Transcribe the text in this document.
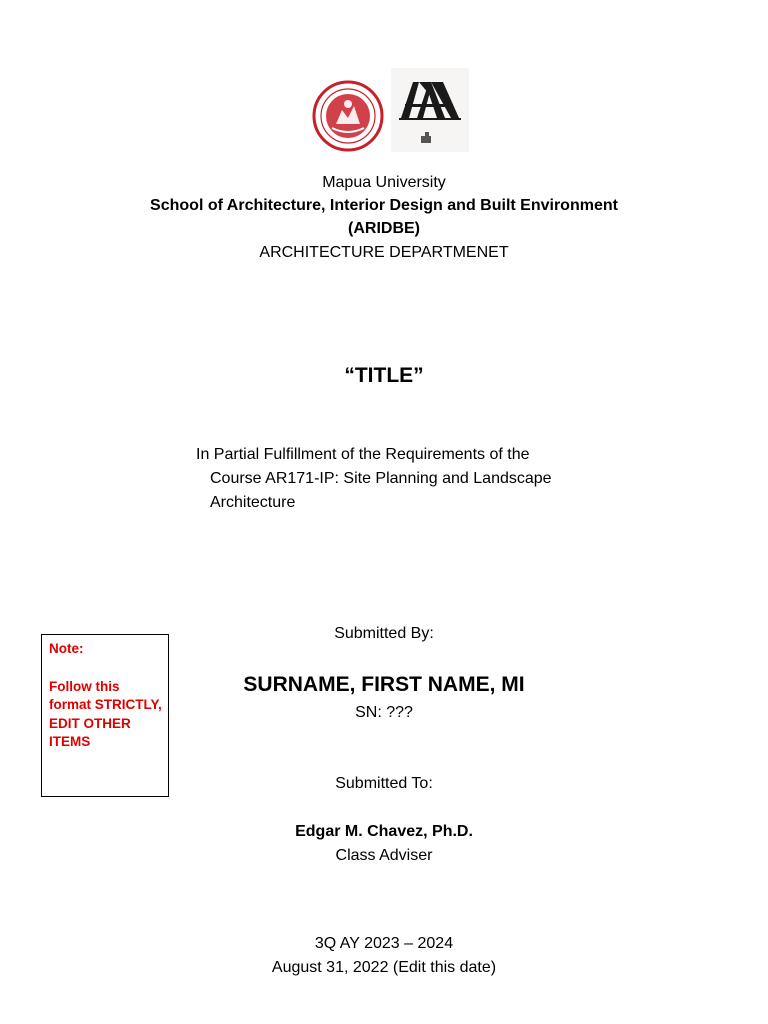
Mapua University
School of Architecture, Interior Design and Built Environment
(ARIDBE)
ARCHITECTURE DEPARTMENET
“TITLE”
In Partial Fulfillment of the Requirements of the
Course AR171-IP: Site Planning and Landscape
Architecture
Submitted By:
SURNAME, FIRST NAME, MI
SN: ???
Submitted To:
Edgar M. Chavez, Ph.D.
Class Adviser
3Q AY 2023 – 2024
August 31, 2022 (Edit this date)
Note:
Follow this
format STRICTLY,
EDIT OTHER
ITEMS
